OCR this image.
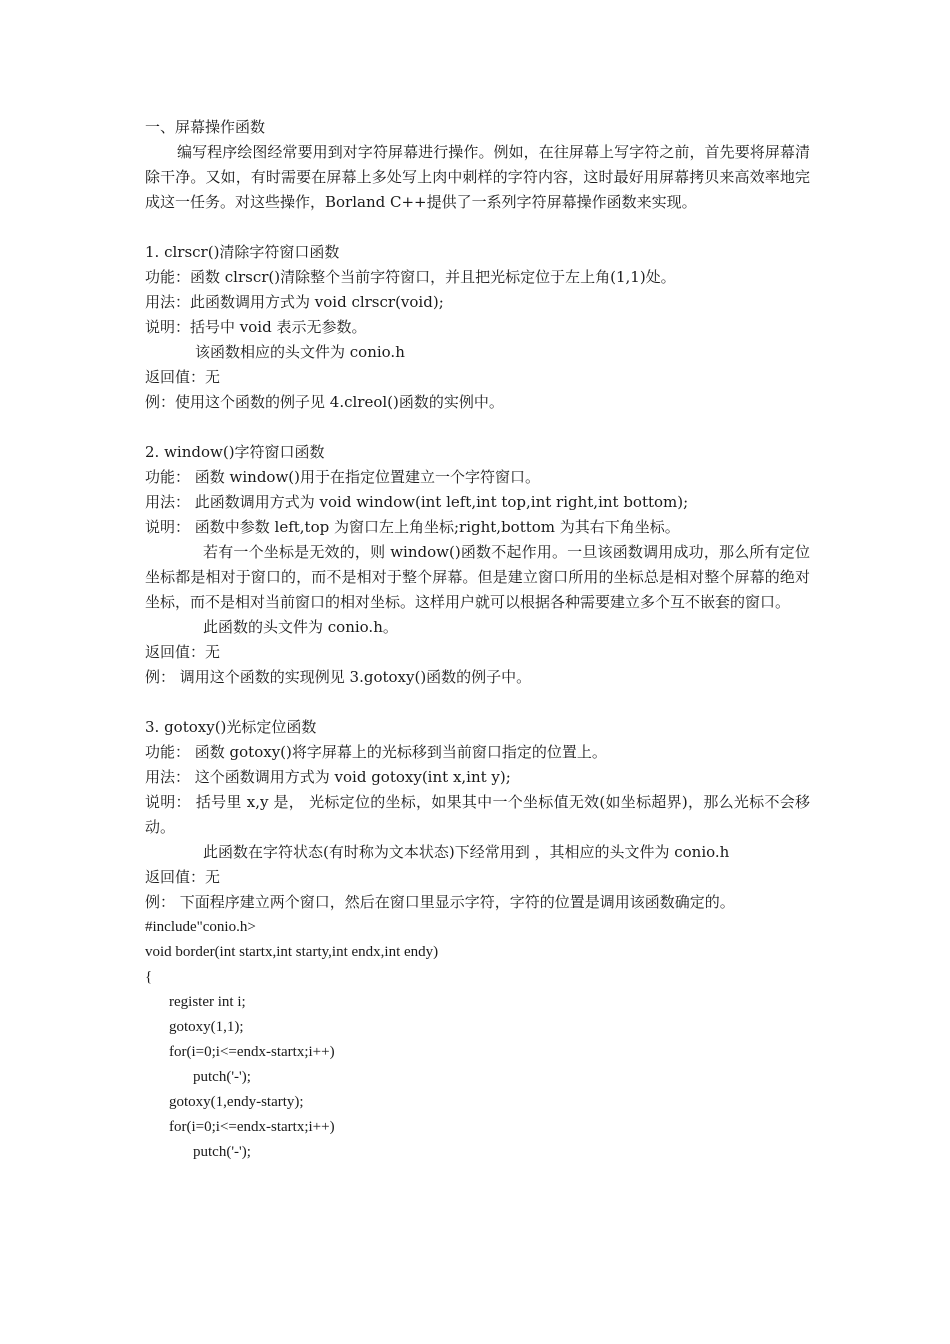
一、屏幕操作函数
编写程序绘图经常要用到对字符屏幕进行操作。例如，在往屏幕上写字符之前，首先要将屏幕清除干净。又如，有时需要在屏幕上多处写上肉中刺样的字符内容，这时最好用屏幕拷贝来高效率地完成这一任务。对这些操作，Borland C++提供了一系列字符屏幕操作函数来实现。
1. clrscr()清除字符窗口函数
功能：函数 clrscr()清除整个当前字符窗口，并且把光标定位于左上角(1,1)处。
用法：此函数调用方式为 void clrscr(void);
说明：括号中 void 表示无参数。
该函数相应的头文件为 conio.h
返回值：无
例：使用这个函数的例子见 4.clreol()函数的实例中。
2. window()字符窗口函数
功能： 函数 window()用于在指定位置建立一个字符窗口。
用法： 此函数调用方式为 void window(int left,int top,int right,int bottom);
说明： 函数中参数 left,top 为窗口左上角坐标;right,bottom 为其右下角坐标。
若有一个坐标是无效的，则 window()函数不起作用。一旦该函数调用成功，那么所有定位坐标都是相对于窗口的，而不是相对于整个屏幕。但是建立窗口所用的坐标总是相对整个屏幕的绝对坐标，而不是相对当前窗口的相对坐标。这样用户就可以根据各种需要建立多个互不嵌套的窗口。
此函数的头文件为 conio.h。
返回值：无
例： 调用这个函数的实现例见 3.gotoxy()函数的例子中。
3. gotoxy()光标定位函数
功能： 函数 gotoxy()将字屏幕上的光标移到当前窗口指定的位置上。
用法： 这个函数调用方式为 void gotoxy(int x,int y);
说明： 括号里 x,y 是， 光标定位的坐标，如果其中一个坐标值无效(如坐标超界)，那么光标不会移动。
此函数在字符状态(有时称为文本状态)下经常用到 ，其相应的头文件为 conio.h
返回值：无
例： 下面程序建立两个窗口，然后在窗口里显示字符，字符的位置是调用该函数确定的。
#include"conio.h>
void border(int startx,int starty,int endx,int endy)
{
register int i;
gotoxy(1,1);
for(i=0;i<=endx-startx;i++)
putch('-');
gotoxy(1,endy-starty);
for(i=0;i<=endx-startx;i++)
putch('-');
